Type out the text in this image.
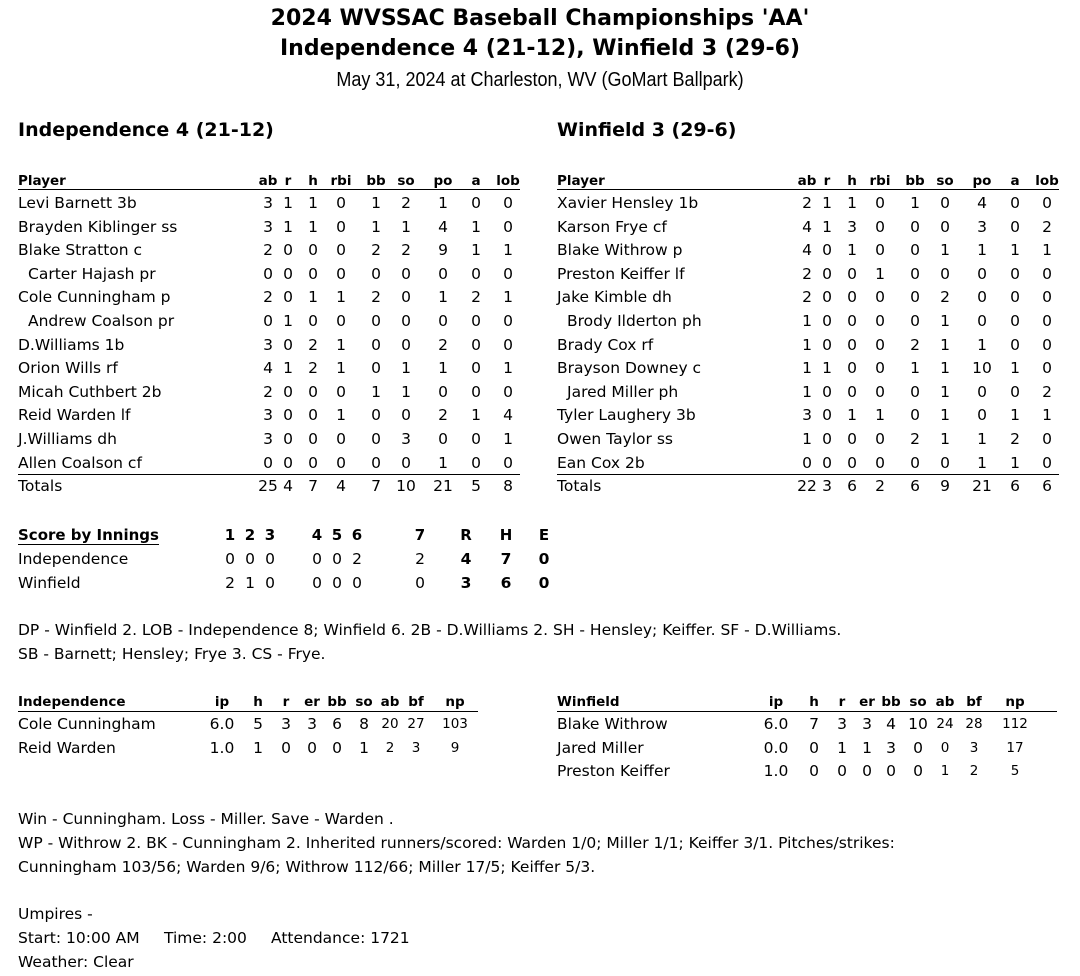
2024 WVSSAC Baseball Championships 'AA'
Independence 4 (21-12), Winfield 3 (29-6)
May 31, 2024 at Charleston, WV (GoMart Ballpark)
Independence 4 (21-12)	Winfield 3 (29-6)
Player	ab r	h rbi	bb so	po	a	lob
Levi Barnett 3b	3 1 1	0	1	2	1	0	0
Brayden Kiblinger ss	3 1 1	0	1	1	4	1	0
Blake Stratton c	2 0 0	0	2	2	9	1	1
Carter Hajash pr	0 0 0	0	0	0	0	0	0
Cole Cunningham p	2 0 1	1	2	0	1	2	1
Andrew Coalson pr	0 1 0	0	0	0	0	0	0
D.Williams 1b	3 0 2	1	0	0	2	0	0
Orion Wills rf	4 1 2	1	0	1	1	0	1
Micah Cuthbert 2b	2 0 0	0	1	1	0	0	0
Reid Warden lf	3 0 0	1	0	0	2	1	4
J.Williams dh	3 0 0	0	0	3	0	0	1
Allen Coalson cf	0 0 0	0	0	0	1	0	0
Totals	25 4 7	4	7 10	21	5	8
Player	ab r	h rbi	bb so	po	a	lob
Xavier Hensley 1b	2 1 1	0	1	0	4	0	0
Karson Frye cf	4 1 3	0	0	0	3	0	2
Blake Withrow p	4 0 1	0	0	1	1	1	1
Preston Keiffer lf	2 0 0	1	0	0	0	0	0
Jake Kimble dh	2 0 0	0	0	2	0	0	0
Brody Ilderton ph	1 0 0	0	0	1	0	0	0
Brady Cox rf	1 0 0	0	2	1	1	0	0
Brayson Downey c	1 1 0	0	1	1	10	1	0
Jared Miller ph	1 0 0	0	0	1	0	0	2
Tyler Laughery 3b	3 0 1	1	0	1	0	1	1
Owen Taylor ss	1 0 0	0	2	1	1	2	0
Ean Cox 2b	0 0 0	0	0	0	1	1	0
Totals	22 3 6	2	6	9	21	6	6
Score by Innings	1 2 3	4 5 6	7	R	H	E
Independence	0 0 0	0 0 2	2	4	7	0
Winfield	2 1 0	0 0 0	0	3	6	0
DP - Winfield 2. LOB - Independence 8; Winfield 6. 2B - D.Williams 2. SH - Hensley; Keiffer. SF - D.Williams.
SB - Barnett; Hensley; Frye 3. CS - Frye.
Independence	ip	h	r	er bb so ab bf	np
Cole Cunningham	6.0	5	3	3 6	8 20 27	103
Reid Warden	1.0	1	0	0 0	1	2	3	9
Winfield	ip	h	r	er bb so ab bf	np
Blake Withrow	6.0	7	3 3 4 10 24 28	112
Jared Miller	0.0	0	1 1 3	0	0	3	17
Preston Keiffer	1.0	0	0 0 0	0	1	2	5
Win - Cunningham. Loss - Miller. Save - Warden .
WP - Withrow 2. BK - Cunningham 2. Inherited runners/scored: Warden 1/0; Miller 1/1; Keiffer 3/1. Pitches/strikes:
Cunningham 103/56; Warden 9/6; Withrow 112/66; Miller 17/5; Keiffer 5/3.
Umpires -
Start: 10:00 AM Time: 2:00 Attendance: 1721
Weather: Clear
